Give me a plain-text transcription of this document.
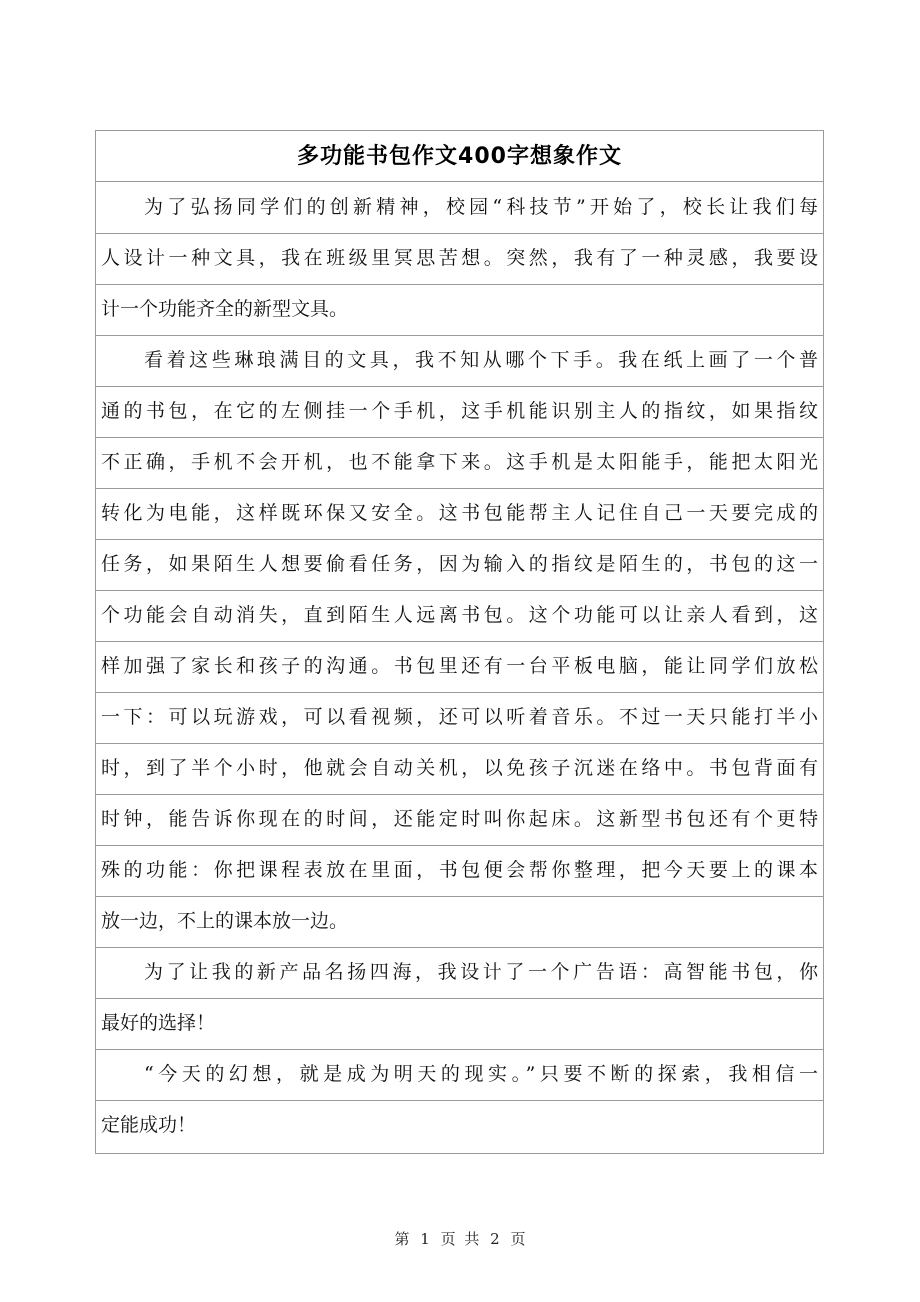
多功能书包作文400字想象作文
为了弘扬同学们的创新精神，校园“科技节”开始了，校长让我们每
人设计一种文具，我在班级里冥思苦想。突然，我有了一种灵感，我要设
计一个功能齐全的新型文具。
看着这些琳琅满目的文具，我不知从哪个下手。我在纸上画了一个普
通的书包，在它的左侧挂一个手机，这手机能识别主人的指纹，如果指纹
不正确，手机不会开机，也不能拿下来。这手机是太阳能手，能把太阳光
转化为电能，这样既环保又安全。这书包能帮主人记住自己一天要完成的
任务，如果陌生人想要偷看任务，因为输入的指纹是陌生的，书包的这一
个功能会自动消失，直到陌生人远离书包。这个功能可以让亲人看到，这
样加强了家长和孩子的沟通。书包里还有一台平板电脑，能让同学们放松
一下：可以玩游戏，可以看视频，还可以听着音乐。不过一天只能打半小
时，到了半个小时，他就会自动关机，以免孩子沉迷在络中。书包背面有
时钟，能告诉你现在的时间，还能定时叫你起床。这新型书包还有个更特
殊的功能：你把课程表放在里面，书包便会帮你整理，把今天要上的课本
放一边，不上的课本放一边。
为了让我的新产品名扬四海，我设计了一个广告语：高智能书包，你
最好的选择！
“今天的幻想，就是成为明天的现实。”只要不断的探索，我相信一
定能成功！
第 1 页 共 2 页
